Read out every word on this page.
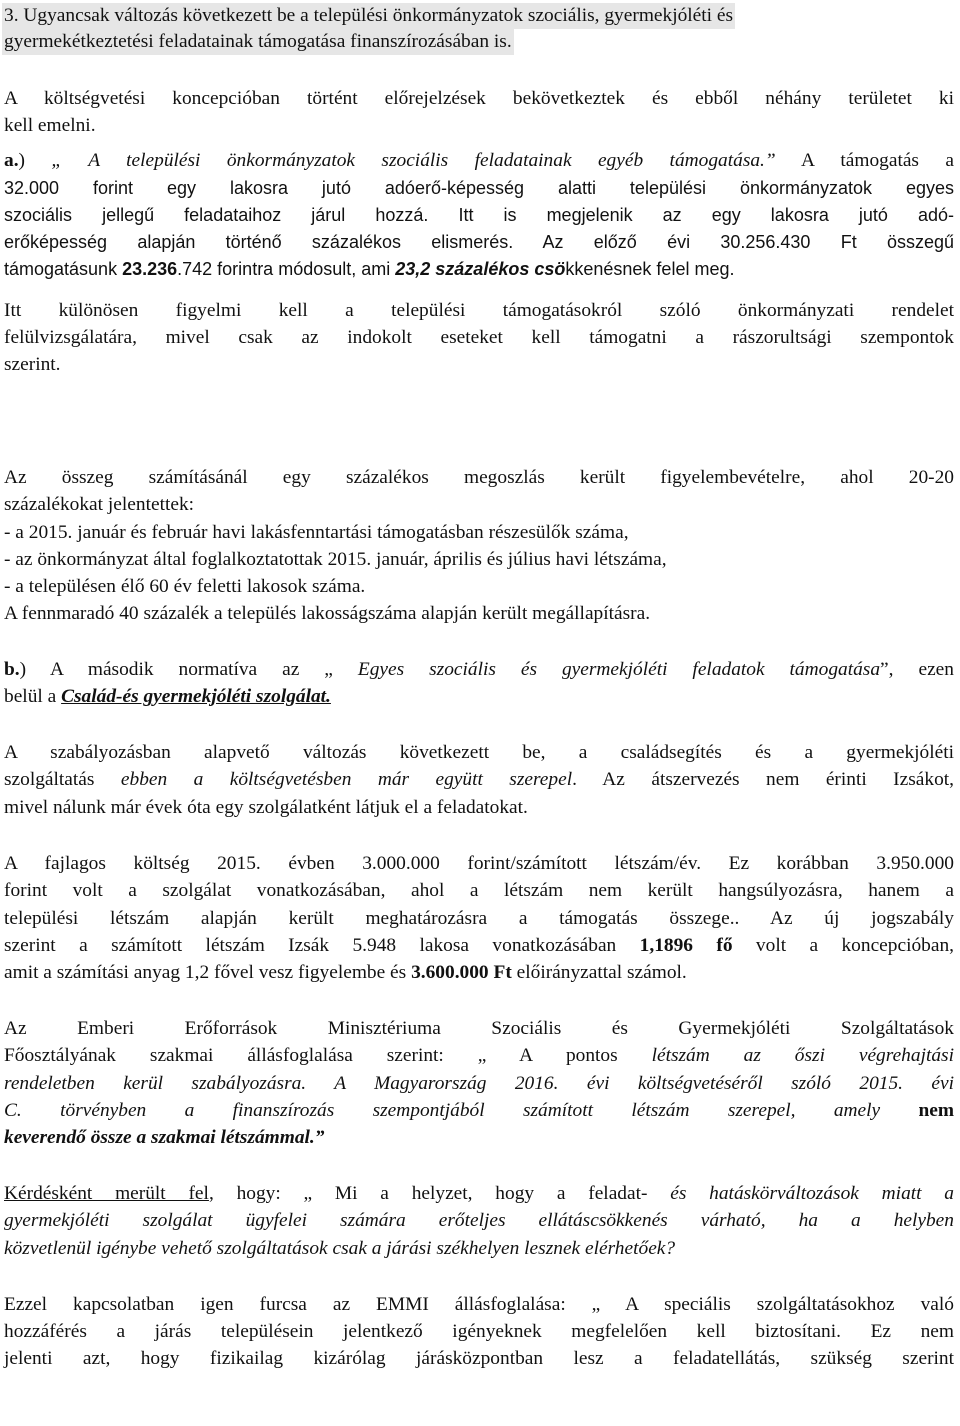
3. Ugyancsak változás következett be a települési önkormányzatok szociális, gyermekjóléti és
gyermekétkeztetési feladatainak támogatása finanszírozásában is.
A költségvetési koncepcióban történt előrejelzések bekövetkeztek és ebből néhány területet ki
kell emelni.
a.) „ A települési önkormányzatok szociális feladatainak egyéb támogatása.” A támogatás a
32.000 forint egy lakosra jutó adóerő-képesség alatti települési önkormányzatok egyes
szociális jellegű feladataihoz járul hozzá. Itt is megjelenik az egy lakosra jutó adó-
erőképesség alapján történő százalékos elismerés. Az előző évi 30.256.430 Ft összegű
támogatásunk 23.236.742 forintra módosult, ami 23,2 százalékos csökkenésnek felel meg.
Itt különösen figyelmi kell a települési támogatásokról szóló önkormányzati rendelet
felülvizsgálatára, mivel csak az indokolt eseteket kell támogatni a rászorultsági szempontok
szerint.
Az összeg számításánál egy százalékos megoszlás került figyelembevételre, ahol 20-20
százalékokat jelentettek:
- a 2015. január és február havi lakásfenntartási támogatásban részesülők száma,
- az önkormányzat által foglalkoztatottak 2015. január, április és július havi létszáma,
- a településen élő 60 év feletti lakosok száma.
A fennmaradó 40 százalék a település lakosságszáma alapján került megállapításra.
b.) A második normatíva az „ Egyes szociális és gyermekjóléti feladatok támogatása”, ezen
belül a Család-és gyermekjóléti szolgálat.
A szabályozásban alapvető változás következett be, a családsegítés és a gyermekjóléti
szolgáltatás ebben a költségvetésben már együtt szerepel. Az átszervezés nem érinti Izsákot,
mivel nálunk már évek óta egy szolgálatként látjuk el a feladatokat.
A fajlagos költség 2015. évben 3.000.000 forint/számított létszám/év. Ez korábban 3.950.000
forint volt a szolgálat vonatkozásában, ahol a létszám nem került hangsúlyozásra, hanem a
települési létszám alapján került meghatározásra a támogatás összege.. Az új jogszabály
szerint a számított létszám Izsák 5.948 lakosa vonatkozásában 1,1896 fő volt a koncepcióban,
amit a számítási anyag 1,2 fővel vesz figyelembe és 3.600.000 Ft előirányzattal számol.
Az Emberi Erőforrások Minisztériuma Szociális és Gyermekjóléti Szolgáltatások
Főosztályának szakmai állásfoglalása szerint: „ A pontos létszám az őszi végrehajtási
rendeletben kerül szabályozásra. A Magyarország 2016. évi költségvetéséről szóló 2015. évi
C. törvényben a finanszírozás szempontjából számított létszám szerepel, amely nem
keverendő össze a szakmai létszámmal.”
Kérdésként merült fel, hogy: „ Mi a helyzet, hogy a feladat- és hatáskörváltozások miatt a
gyermekjóléti szolgálat ügyfelei számára erőteljes ellátáscsökkenés várható, ha a helyben
közvetlenül igénybe vehető szolgáltatások csak a járási székhelyen lesznek elérhetőek?
Ezzel kapcsolatban igen furcsa az EMMI állásfoglalása: „ A speciális szolgáltatásokhoz való
hozzáférés a járás településein jelentkező igényeknek megfelelően kell biztosítani. Ez nem
jelenti azt, hogy fizikailag kizárólag járásközpontban lesz a feladatellátás, szükség szerint
